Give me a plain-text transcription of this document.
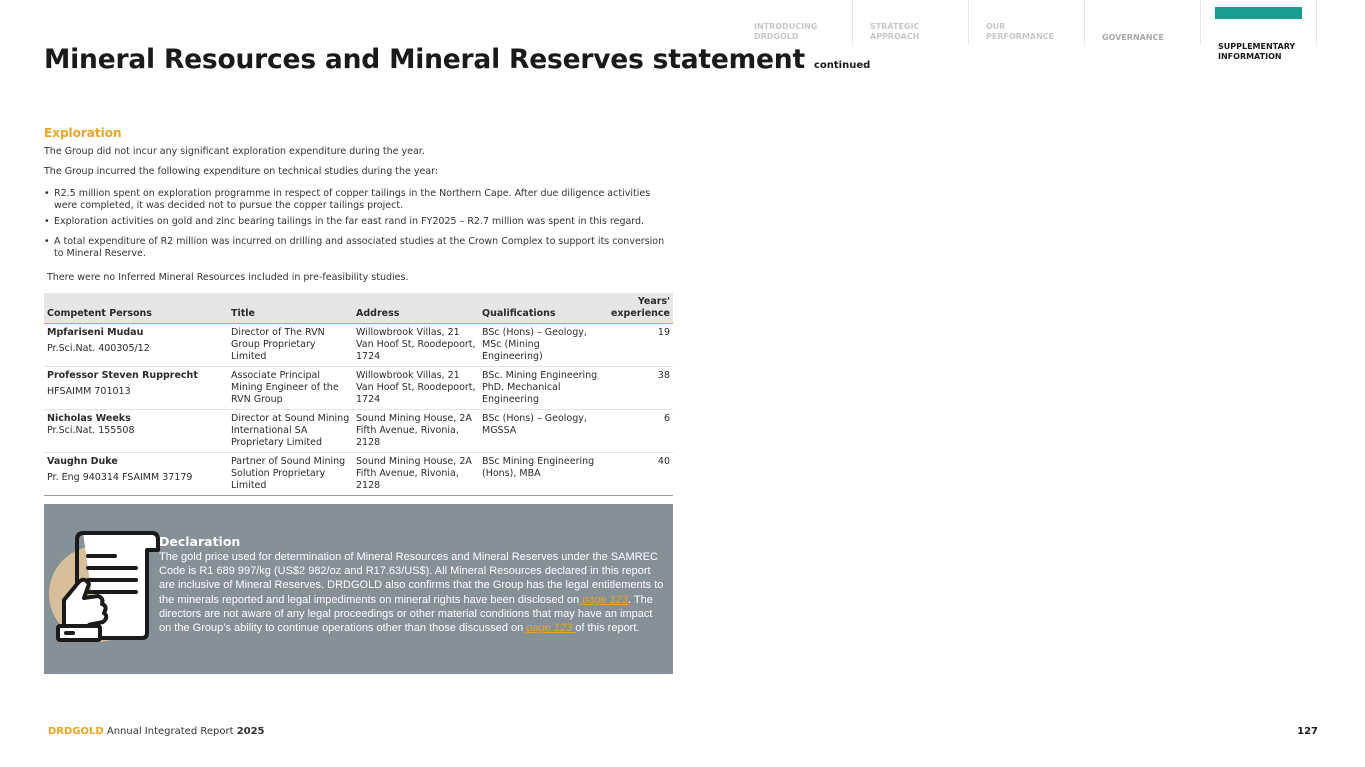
INTRODUCING
DRDGOLD
STRATEGIC
APPROACH
OUR
PERFORMANCE	GOVERNANCE

SUPPLEMENTARY
INFORMATION

Mineral Resources and Mineral Reserves statement continued
Exploration
The Group did not incur any significant exploration expenditure during the year.
The Group incurred the following expenditure on technical studies during the year:
• R2.5 million spent on exploration programme in respect of copper tailings in the Northern Cape. After due diligence activities were completed, it was decided not to pursue the copper tailings project.
• Exploration activities on gold and zinc bearing tailings in the far east rand in FY2025 – R2.7 million was spent in this regard.
• A total expenditure of R2 million was incurred on drilling and associated studies at the Crown Complex to support its conversion to Mineral Reserve.
There were no Inferred Mineral Resources included in pre-feasibility studies.
Competent Persons	Title	Address	Qualifications	Years'
experience

Mpfariseni Mudau
Pr.Sci.Nat. 400305/12	Director of The RVN Group Proprietary Limited	Willowbrook Villas, 21 Van Hoof St, Roodepoort, 1724	BSc (Hons) – Geology, MSc (Mining Engineering)	19

Professor Steven Rupprecht
HFSAIMM 701013	Associate Principal Mining Engineer of the RVN Group	Willowbrook Villas, 21 Van Hoof St, Roodepoort, 1724	BSc. Mining Engineering PhD. Mechanical Engineering	38

Nicholas Weeks
Pr.Sci.Nat. 155508	Director at Sound Mining International SA Proprietary Limited	Sound Mining House, 2A Fifth Avenue, Rivonia, 2128	BSc (Hons) – Geology, MGSSA	6

Vaughn Duke
Pr. Eng 940314 FSAIMM 37179	Partner of Sound Mining Solution Proprietary Limited	Sound Mining House, 2A Fifth Avenue, Rivonia, 2128	BSc Mining Engineering (Hons), MBA	40
Declaration

The gold price used for determination of Mineral Resources and Mineral Reserves under the SAMREC Code is R1 689 997/kg (US$2 982/oz and R17.63/US$). All Mineral Resources declared in this report are inclusive of Mineral Reserves. DRDGOLD also confirms that the Group has the legal entitlements to the minerals reported and legal impediments on mineral rights have been disclosed on page 123. The directors are not aware of any legal proceedings or other material conditions that may have an impact on the Group’s ability to continue operations other than those discussed on page 123 of this report.

DRDGOLD Annual Integrated Report 2025	127
